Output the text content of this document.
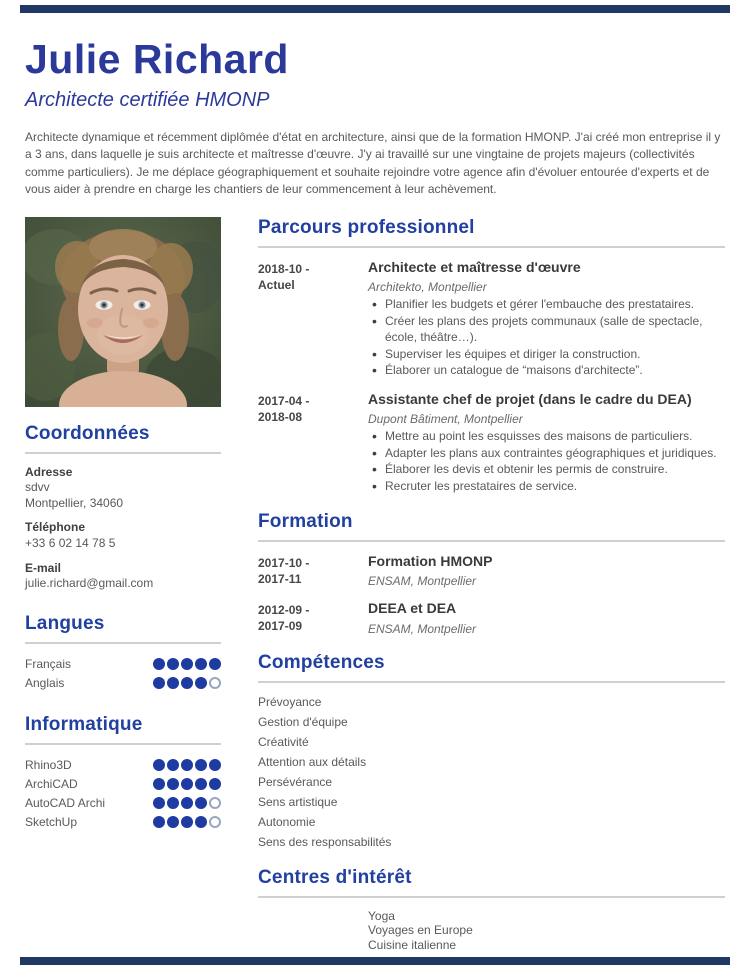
Julie Richard
Architecte certifiée HMONP

Architecte dynamique et récemment diplômée d'état en architecture, ainsi que de la formation HMONP. J'ai créé mon entreprise il y a 3 ans, dans laquelle je suis architecte et maîtresse d'œuvre. J'y ai travaillé sur une vingtaine de projets majeurs (collectivités comme particuliers). Je me déplace géographiquement et souhaite rejoindre votre agence afin d'évoluer entourée d'experts et de vous aider à prendre en charge les chantiers de leur commencement à leur achèvement.

Coordonnées
Adresse
sdvv
Montpellier, 34060
Téléphone
+33 6 02 14 78 5
E-mail
julie.richard@gmail.com
Langues
Français
Anglais
Informatique
Rhino3D
ArchiCAD
AutoCAD Archi
SketchUp
Parcours professionnel
2018-10 -
Actuel
Architecte et maîtresse d'œuvre
Architekto, Montpellier
• Planifier les budgets et gérer l'embauche des prestataires.
• Créer les plans des projets communaux (salle de spectacle, école, théâtre…).
• Superviser les équipes et diriger la construction.
• Élaborer un catalogue de “maisons d'architecte”.
2017-04 -
2018-08
Assistante chef de projet (dans le cadre du DEA)
Dupont Bâtiment, Montpellier
• Mettre au point les esquisses des maisons de particuliers.
• Adapter les plans aux contraintes géographiques et juridiques.
• Élaborer les devis et obtenir les permis de construire.
• Recruter les prestataires de service.
Formation
2017-10 -
2017-11
Formation HMONP
ENSAM, Montpellier
2012-09 -
2017-09
DEEA et DEA
ENSAM, Montpellier
Compétences
Prévoyance
Gestion d'équipe
Créativité
Attention aux détails
Persévérance
Sens artistique
Autonomie
Sens des responsabilités
Centres d'intérêt
Yoga
Voyages en Europe
Cuisine italienne
